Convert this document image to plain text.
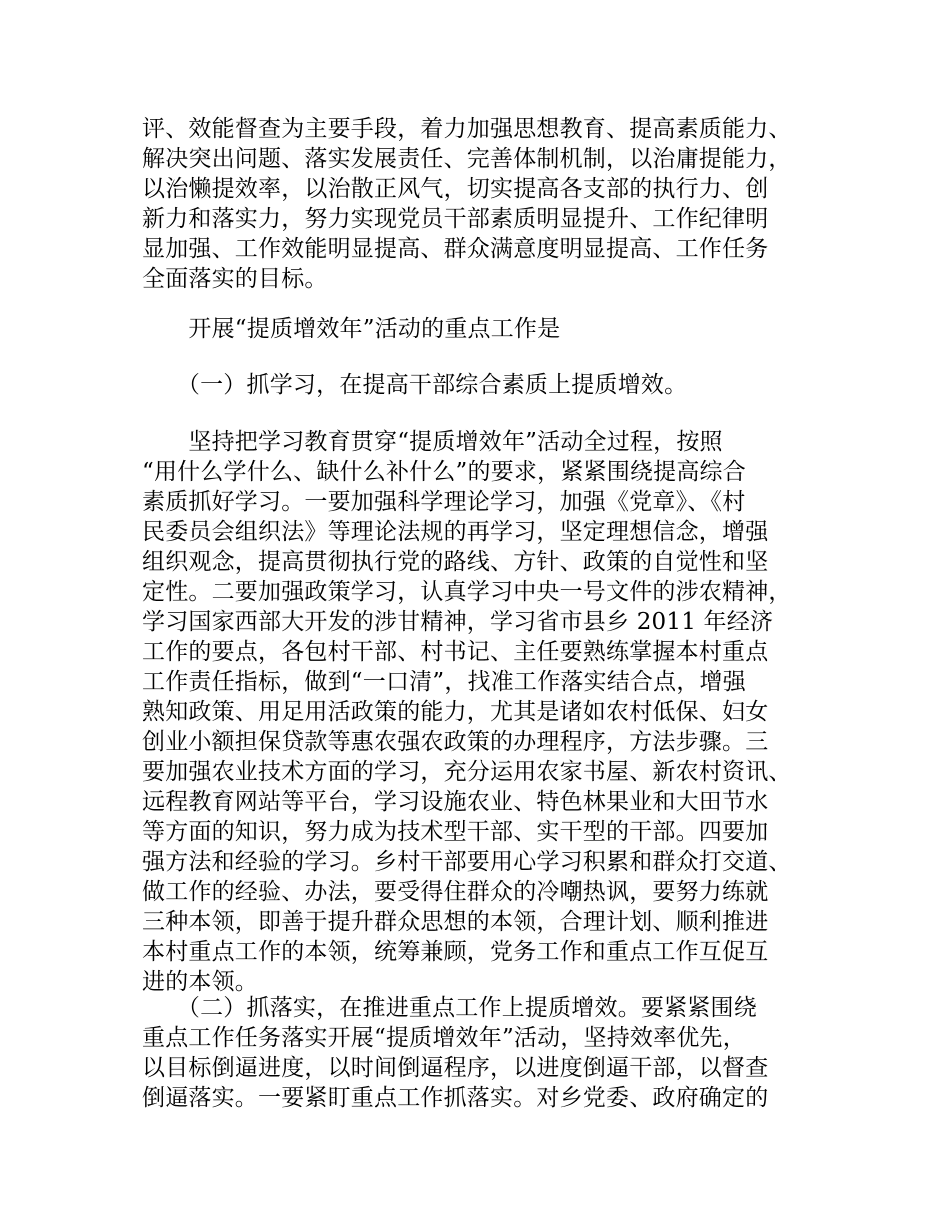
评、效能督查为主要手段，着力加强思想教育、提高素质能力、
解决突出问题、落实发展责任、完善体制机制，以治庸提能力，
以治懒提效率，以治散正风气，切实提高各支部的执行力、创
新力和落实力，努力实现党员干部素质明显提升、工作纪律明
显加强、工作效能明显提高、群众满意度明显提高、工作任务
全面落实的目标。
　　开展“提质增效年”活动的重点工作是
　　（一）抓学习，在提高干部综合素质上提质增效。
　　坚持把学习教育贯穿“提质增效年”活动全过程，按照
“用什么学什么、缺什么补什么”的要求，紧紧围绕提高综合
素质抓好学习。一要加强科学理论学习，加强《党章》、《村
民委员会组织法》等理论法规的再学习，坚定理想信念，增强
组织观念，提高贯彻执行党的路线、方针、政策的自觉性和坚
定性。二要加强政策学习，认真学习中央一号文件的涉农精神，
学习国家西部大开发的涉甘精神，学习省市县乡 2011 年经济
工作的要点，各包村干部、村书记、主任要熟练掌握本村重点
工作责任指标，做到“一口清”，找准工作落实结合点，增强
熟知政策、用足用活政策的能力，尤其是诸如农村低保、妇女
创业小额担保贷款等惠农强农政策的办理程序，方法步骤。三
要加强农业技术方面的学习，充分运用农家书屋、新农村资讯、
远程教育网站等平台，学习设施农业、特色林果业和大田节水
等方面的知识，努力成为技术型干部、实干型的干部。四要加
强方法和经验的学习。乡村干部要用心学习积累和群众打交道、
做工作的经验、办法，要受得住群众的冷嘲热讽，要努力练就
三种本领，即善于提升群众思想的本领，合理计划、顺利推进
本村重点工作的本领，统筹兼顾，党务工作和重点工作互促互
进的本领。
　　（二）抓落实，在推进重点工作上提质增效。要紧紧围绕
重点工作任务落实开展“提质增效年”活动，坚持效率优先，
以目标倒逼进度，以时间倒逼程序，以进度倒逼干部，以督查
倒逼落实。一要紧盯重点工作抓落实。对乡党委、政府确定的
